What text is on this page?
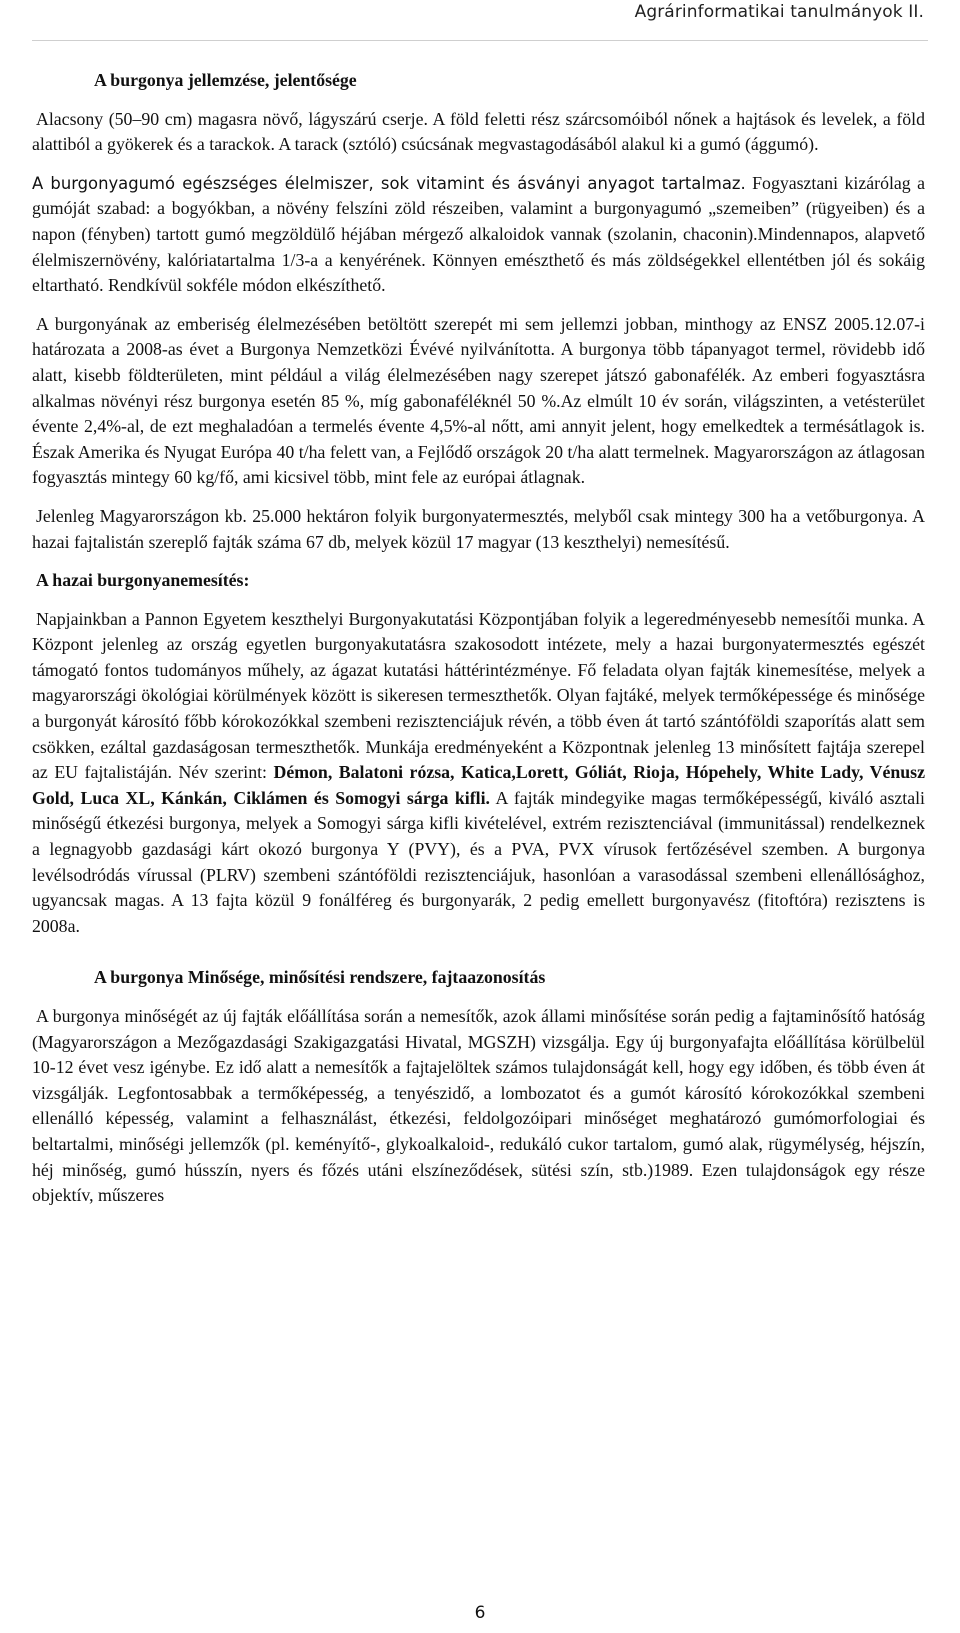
Agrárinformatikai tanulmányok II.

A burgonya jellemzése, jelentősége

Alacsony (50–90 cm) magasra növő, lágyszárú cserje. A föld feletti rész szárcsomóiból nőnek a hajtások és levelek, a föld alattiból a gyökerek és a tarackok. A tarack (sztóló) csúcsának megvastagodásából alakul ki a gumó (ággumó).

A burgonyagumó egészséges élelmiszer, sok vitamint és ásványi anyagot tartalmaz. Fogyasztani kizárólag a gumóját szabad: a bogyókban, a növény felszíni zöld részeiben, valamint a burgonyagumó „szemeiben” (rügyeiben) és a napon (fényben) tartott gumó megzöldülő héjában mérgező alkaloidok vannak (szolanin, chaconin).Mindennapos, alapvető élelmiszernövény, kalóriatartalma 1/3-a a kenyérének. Könnyen emészthető és más zöldségekkel ellentétben jól és sokáig eltartható. Rendkívül sokféle módon elkészíthető.

A burgonyának az emberiség élelmezésében betöltött szerepét mi sem jellemzi jobban, minthogy az ENSZ 2005.12.07-i határozata a 2008-as évet a Burgonya Nemzetközi Évévé nyilvánította. A burgonya több tápanyagot termel, rövidebb idő alatt, kisebb földterületen, mint például a világ élelmezésében nagy szerepet játszó gabonafélék. Az emberi fogyasztásra alkalmas növényi rész burgonya esetén 85 %, míg gabonaféléknél 50 %.Az elmúlt 10 év során, világszinten, a vetésterület évente 2,4%-al, de ezt meghaladóan a termelés évente 4,5%-al nőtt, ami annyit jelent, hogy emelkedtek a termésátlagok is. Észak Amerika és Nyugat Európa 40 t/ha felett van, a Fejlődő országok 20 t/ha alatt termelnek. Magyarországon az átlagosan fogyasztás mintegy 60 kg/fő, ami kicsivel több, mint fele az európai átlagnak.

Jelenleg Magyarországon kb. 25.000 hektáron folyik burgonyatermesztés, melyből csak mintegy 300 ha a vetőburgonya. A hazai fajtalistán szereplő fajták száma 67 db, melyek közül 17 magyar (13 keszthelyi) nemesítésű.

A hazai burgonyanemesítés:

Napjainkban a Pannon Egyetem keszthelyi Burgonyakutatási Központjában folyik a legeredményesebb nemesítői munka. A Központ jelenleg az ország egyetlen burgonyakutatásra szakosodott intézete, mely a hazai burgonyatermesztés egészét támogató fontos tudományos műhely, az ágazat kutatási háttérintézménye. Fő feladata olyan fajták kinemesítése, melyek a magyarországi ökológiai körülmények között is sikeresen termeszthetők. Olyan fajtáké, melyek termőképessége és minősége a burgonyát károsító főbb kórokozókkal szembeni rezisztenciájuk révén, a több éven át tartó szántóföldi szaporítás alatt sem csökken, ezáltal gazdaságosan termeszthetők. Munkája eredményeként a Központnak jelenleg 13 minősített fajtája szerepel az EU fajtalistáján. Név szerint: Démon, Balatoni rózsa, Katica,Lorett, Góliát, Rioja, Hópehely, White Lady, Vénusz Gold, Luca XL, Kánkán, Ciklámen és Somogyi sárga kifli. A fajták mindegyike magas termőképességű, kiváló asztali minőségű étkezési burgonya, melyek a Somogyi sárga kifli kivételével, extrém rezisztenciával (immunitással) rendelkeznek a legnagyobb gazdasági kárt okozó burgonya Y (PVY), és a PVA, PVX vírusok fertőzésével szemben. A burgonya levélsodródás vírussal (PLRV) szembeni szántóföldi rezisztenciájuk, hasonlóan a varasodással szembeni ellenállósághoz, ugyancsak magas. A 13 fajta közül 9 fonálféreg és burgonyarák, 2 pedig emellett burgonyavész (fitoftóra) rezisztens is 2008a.

A burgonya Minősége, minősítési rendszere, fajtaazonosítás

A burgonya minőségét az új fajták előállítása során a nemesítők, azok állami minősítése során pedig a fajtaminősítő hatóság (Magyarországon a Mezőgazdasági Szakigazgatási Hivatal, MGSZH) vizsgálja. Egy új burgonyafajta előállítása körülbelül 10-12 évet vesz igénybe. Ez idő alatt a nemesítők a fajtajelöltek számos tulajdonságát kell, hogy egy időben, és több éven át vizsgálják. Legfontosabbak a termőképesség, a tenyészidő, a lombozatot és a gumót károsító kórokozókkal szembeni ellenálló képesség, valamint a felhasználást, étkezési, feldolgozóipari minőséget meghatározó gumómorfologiai és beltartalmi, minőségi jellemzők (pl. keményítő-, glykoalkaloid-, redukáló cukor tartalom, gumó alak, rügymélység, héjszín, héj minőség, gumó hússzín, nyers és főzés utáni elszíneződések, sütési szín, stb.)1989. Ezen tulajdonságok egy része objektív, műszeres

6
